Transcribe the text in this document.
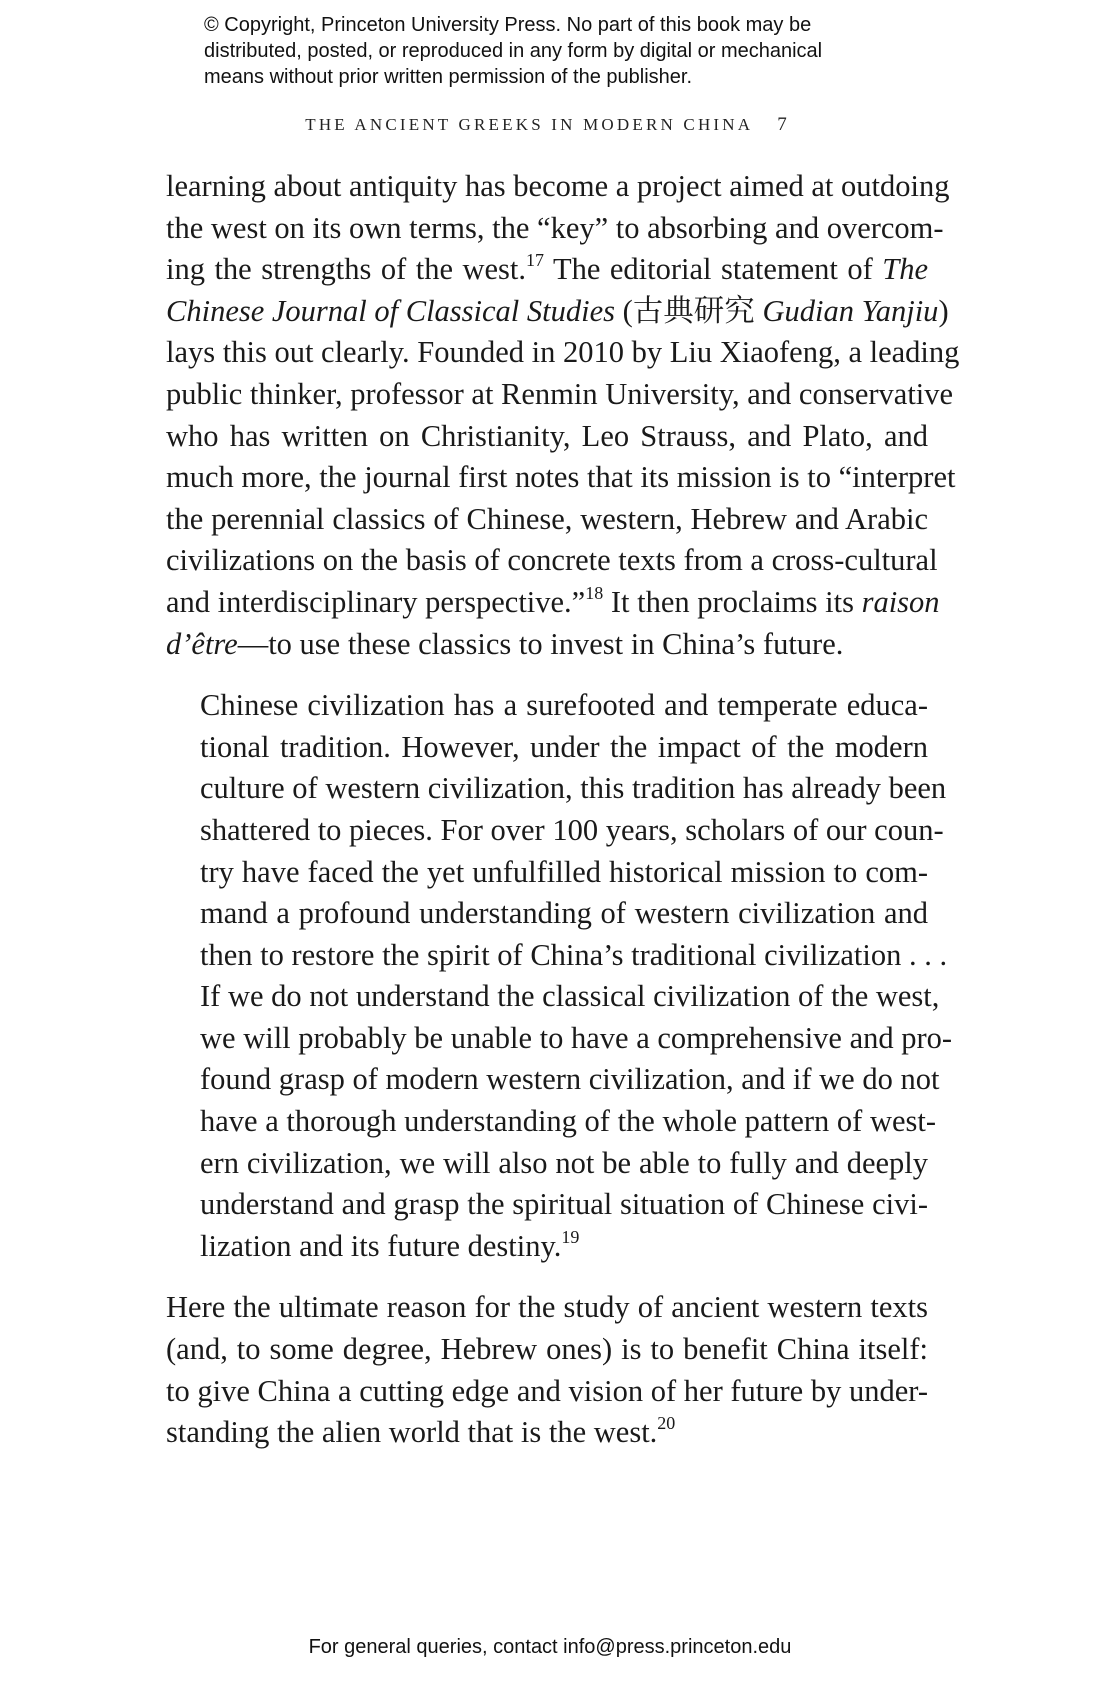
© Copyright, Princeton University Press. No part of this book may be
distributed, posted, or reproduced in any form by digital or mechanical
means without prior written permission of the publisher.
THE ANCIENT GREEKS IN MODERN CHINA 7
learning about antiquity has become a project aimed at outdoing
the west on its own terms, the “key” to absorbing and overcom-
ing the strengths of the west.$^{17}$ The editorial statement of The
Chinese Journal of Classical Studies (古典研究 Gudian Yanjiu)
lays this out clearly. Founded in 2010 by Liu Xiaofeng, a leading
public thinker, professor at Renmin University, and conservative
who has written on Christianity, Leo Strauss, and Plato, and
much more, the journal first notes that its mission is to “interpret
the perennial classics of Chinese, western, Hebrew and Arabic
civilizations on the basis of concrete texts from a cross-cultural
and interdisciplinary perspective.”$^{18}$ It then proclaims its raison
d’être—to use these classics to invest in China’s future.
Chinese civilization has a surefooted and temperate educa-
tional tradition. However, under the impact of the modern
culture of western civilization, this tradition has already been
shattered to pieces. For over 100 years, scholars of our coun-
try have faced the yet unfulfilled historical mission to com-
mand a profound understanding of western civilization and
then to restore the spirit of China’s traditional civilization . . .
If we do not understand the classical civilization of the west,
we will probably be unable to have a comprehensive and pro-
found grasp of modern western civilization, and if we do not
have a thorough understanding of the whole pattern of west-
ern civilization, we will also not be able to fully and deeply
understand and grasp the spiritual situation of Chinese civi-
lization and its future destiny.$^{19}$
Here the ultimate reason for the study of ancient western texts
(and, to some degree, Hebrew ones) is to benefit China itself:
to give China a cutting edge and vision of her future by under-
standing the alien world that is the west.$^{20}$
For general queries, contact info@press.princeton.edu
